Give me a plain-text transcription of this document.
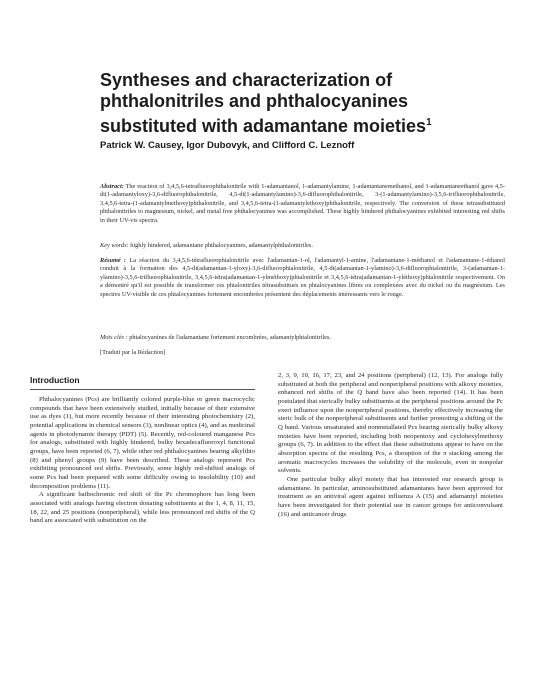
Syntheses and characterization of phthalonitriles and phthalocyanines substituted with adamantane moieties$^1$
Patrick W. Causey, Igor Dubovyk, and Clifford C. Leznoff
Abstract: The reaction of 3,4,5,6-tetrafluorophthalonitrile with 1-adamantanol, 1-adamantylamine, 1-adamantanemethanol, and 1-adamantaneethanol gave 4,5-di(1-adamantyloxy)-3,6-difluorophthalonitrile, 4,5-di(1-adamantylamino)-3,6-difluorophthalonitrile, 3-(1-adamantylamino)-3,5,6-trifluorophthalonitrile, 3,4,5,6-tetra-(1-adamantylmethoxy)phthalonitrile, and 3,4,5,6-tetra-(1-adamantylethoxy)phthalonitrile, respectively. The conversion of these tetrasubstituted phthalonitriles to magnesium, nickel, and metal free phthalocyanines was accomplished. These highly hindered phthalocyanines exhibited interesting red shifts in their UV-vis spectra.
Key words: highly hindered, adamantane phthalocyanines, adamantylphthalonitriles.
Résumé : La réaction du 3,4,5,6-tétrafluorophtalonitrile avec l'adamantan-1-ol, l'adamantyl-1-amine, l'adamantane-1-méthanol et l'adamantane-1-éthanol conduit à la formation des 4,5-di(adamantan-1-yloxy)-3,6-difluorophtalonitrile, 4,5-di(adamantan-1-ylamino)-3,6-difluorophtalonitrile, 3-(adamantan-1-ylamino)-3,5,6-trifluorophtalonitrile, 3,4,5,6-tétra(adamantan-1-ylméthoxy)phtalonitrile et 3,4,5,6-tétra(adamantan-1-yléthoxy)phtalonitrile respectivement. On a démontré qu'il est possible de transformer ces phtalonitriles tétrasubstitués en phtalocyanines libres ou complexées avec du nickel ou du magnésium. Les spectres UV-visible de ces phtalocyanines fortement encombrées présentent des déplacements intéressants vers le rouge.
Mots clés : phtalocyanines de l'adamantane fortement encombrées, adamantylphtalonitriles.
[Traduit par la Rédaction]
Introduction

Phthalocyanines (Pcs) are brilliantly colored purple-blue or green macrocyclic compounds that have been extensively studied, initially because of their extensive use as dyes (1), but more recently because of their interesting photochemistry (2), potential applications in chemical sensors (3), nonlinear optics (4), and as medicinal agents in photodynamic therapy (PDT) (5). Recently, red-coloured manganese Pcs for analogs, substituted with highly hindered, bulky hexadecafluoroxyl functional groups, have been reported (6, 7), while other red phthalocyanines bearing alkylthio (8) and phenyl groups (9) have been described. These analogs represent Pcs exhibiting pronounced red shifts. Previously, some highly red-shifted analogs of some Pcs had been prepared with some difficulty owing to insolubility (10) and decomposition problems (11).

A significant bathochromic red shift of the Pc chromophore has long been associated with analogs having electron donating substituents at the 1, 4, 8, 11, 15, 18, 22, and 25 positions (nonperipheral), while less pronounced red shifts of the Q band are associated with substitution on the

2, 3, 9, 10, 16, 17, 23, and 24 positions (peripheral) (12, 13). For analogs fully substituted at both the peripheral and nonperipheral positions with alkoxy moieties, enhanced red shifts of the Q band have also been reported (14). It has been postulated that sterically bulky substituents at the peripheral positions around the Pc exert influence upon the nonperipheral positions, thereby effectively increasing the steric bulk of the nonperipheral substituents and further promoting a shifting of the Q band. Various unsaturated and nonmetallated Pcs bearing sterically bulky alkoxy moieties have been reported, including both neopentoxy and cyclohexylmethoxy groups (6, 7). In addition to the effect that these substitutions appear to have on the absorption spectra of the resulting Pcs, a disruption of the π stacking among the aromatic macrocycles increases the solubility of the molecule, even in nonpolar solvents.

One particular bulky alkyl moiety that has interested our research group is adamantane. In particular, aminosubstituted adamantanes have been approved for treatment as an antiviral agent against influenza A (15) and adamantyl moieties have been investigated for their potential use in cancer groups for anticonvulsant (16) and anticancer drugs
